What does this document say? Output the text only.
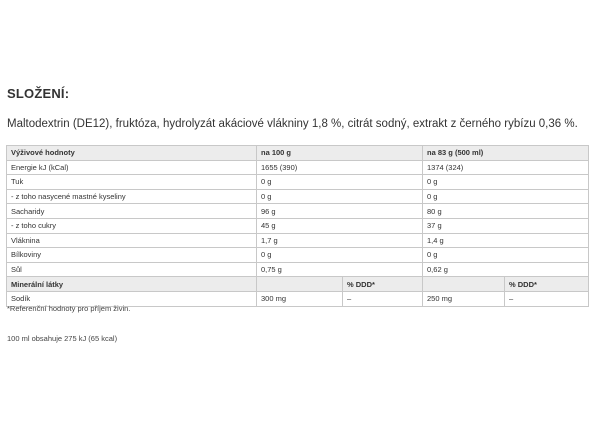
SLOŽENÍ:
Maltodextrin (DE12), fruktóza, hydrolyzát akáciové vlákniny 1,8 %, citrát sodný, extrakt z černého rybízu 0,36 %.
Výživové hodnoty	na 100 g		na 83 g (500 ml)	
Energie kJ (kCal)	1655 (390)		1374 (324)	
Tuk	0 g		0 g	
- z toho nasycené mastné kyseliny	0 g		0 g	
Sacharidy	96 g		80 g	
- z toho cukry	45 g		37 g	
Vláknina	1,7 g		1,4 g	
Bílkoviny	0 g		0 g	
Sůl	0,75 g		0,62 g	
Minerální látky		% DDD*		% DDD*
Sodík	300 mg	–	250 mg	–
*Referenční hodnoty pro příjem živin.
100 ml obsahuje 275 kJ (65 kcal)
